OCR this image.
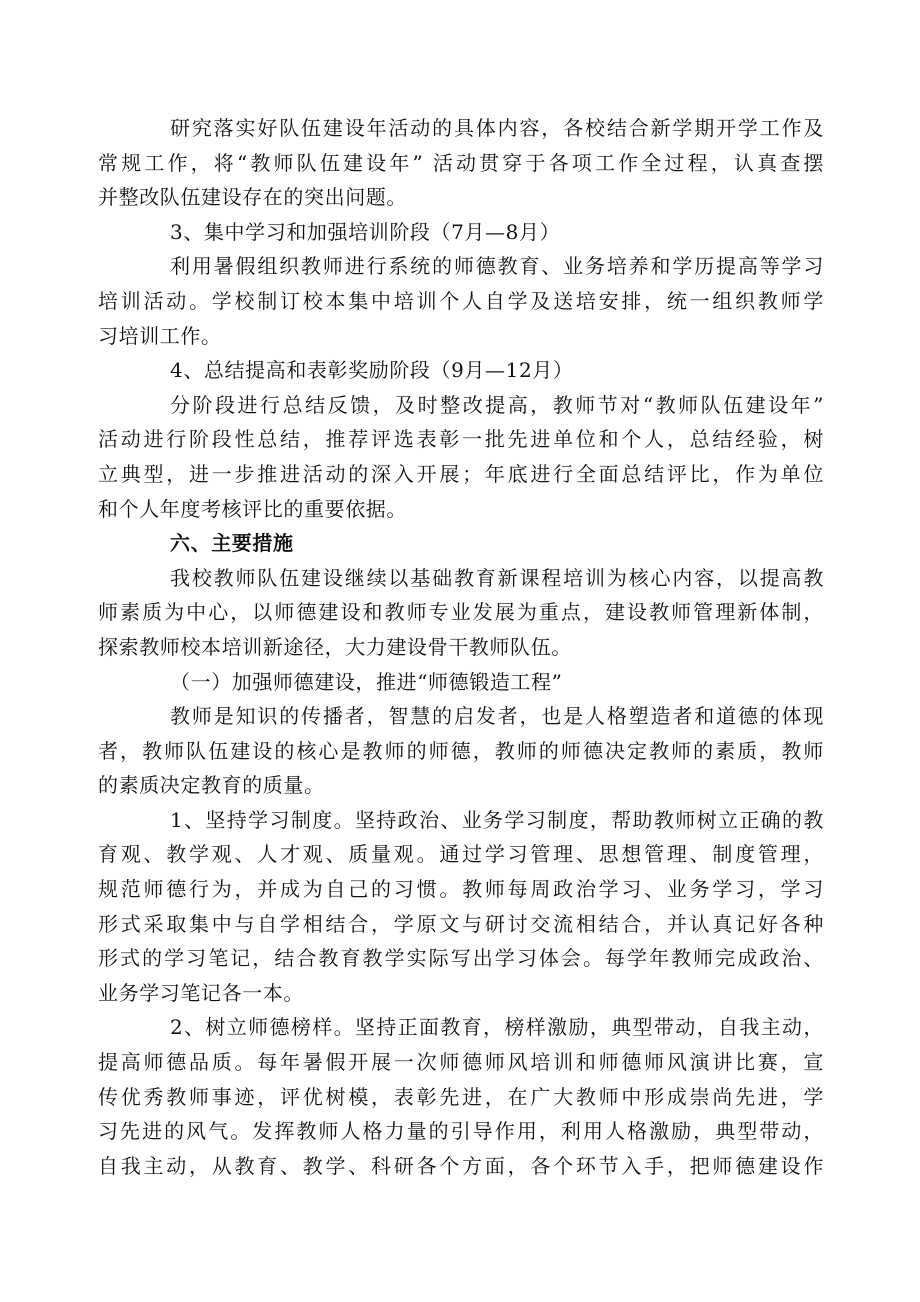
研究落实好队伍建设年活动的具体内容，各校结合新学期开学工作及
常规工作，将“教师队伍建设年” 活动贯穿于各项工作全过程，认真查摆
并整改队伍建设存在的突出问题。
3、集中学习和加强培训阶段（7月—8月）
利用暑假组织教师进行系统的师德教育、业务培养和学历提高等学习
培训活动。学校制订校本集中培训个人自学及送培安排，统一组织教师学
习培训工作。
4、总结提高和表彰奖励阶段（9月—12月）
分阶段进行总结反馈，及时整改提高，教师节对“教师队伍建设年”
活动进行阶段性总结，推荐评选表彰一批先进单位和个人，总结经验，树
立典型，进一步推进活动的深入开展；年底进行全面总结评比，作为单位
和个人年度考核评比的重要依据。
六、主要措施
我校教师队伍建设继续以基础教育新课程培训为核心内容，以提高教
师素质为中心，以师德建设和教师专业发展为重点，建设教师管理新体制，
探索教师校本培训新途径，大力建设骨干教师队伍。
（一）加强师德建设，推进“师德锻造工程”
教师是知识的传播者，智慧的启发者，也是人格塑造者和道德的体现
者，教师队伍建设的核心是教师的师德，教师的师德决定教师的素质，教师
的素质决定教育的质量。
1、坚持学习制度。坚持政治、业务学习制度，帮助教师树立正确的教
育观、教学观、人才观、质量观。通过学习管理、思想管理、制度管理，
规范师德行为，并成为自己的习惯。教师每周政治学习、业务学习，学习
形式采取集中与自学相结合，学原文与研讨交流相结合，并认真记好各种
形式的学习笔记，结合教育教学实际写出学习体会。每学年教师完成政治、
业务学习笔记各一本。
2、树立师德榜样。坚持正面教育，榜样激励，典型带动，自我主动，
提高师德品质。每年暑假开展一次师德师风培训和师德师风演讲比赛，宣
传优秀教师事迹，评优树模，表彰先进，在广大教师中形成崇尚先进，学
习先进的风气。发挥教师人格力量的引导作用，利用人格激励，典型带动，
自我主动，从教育、教学、科研各个方面，各个环节入手，把师德建设作
